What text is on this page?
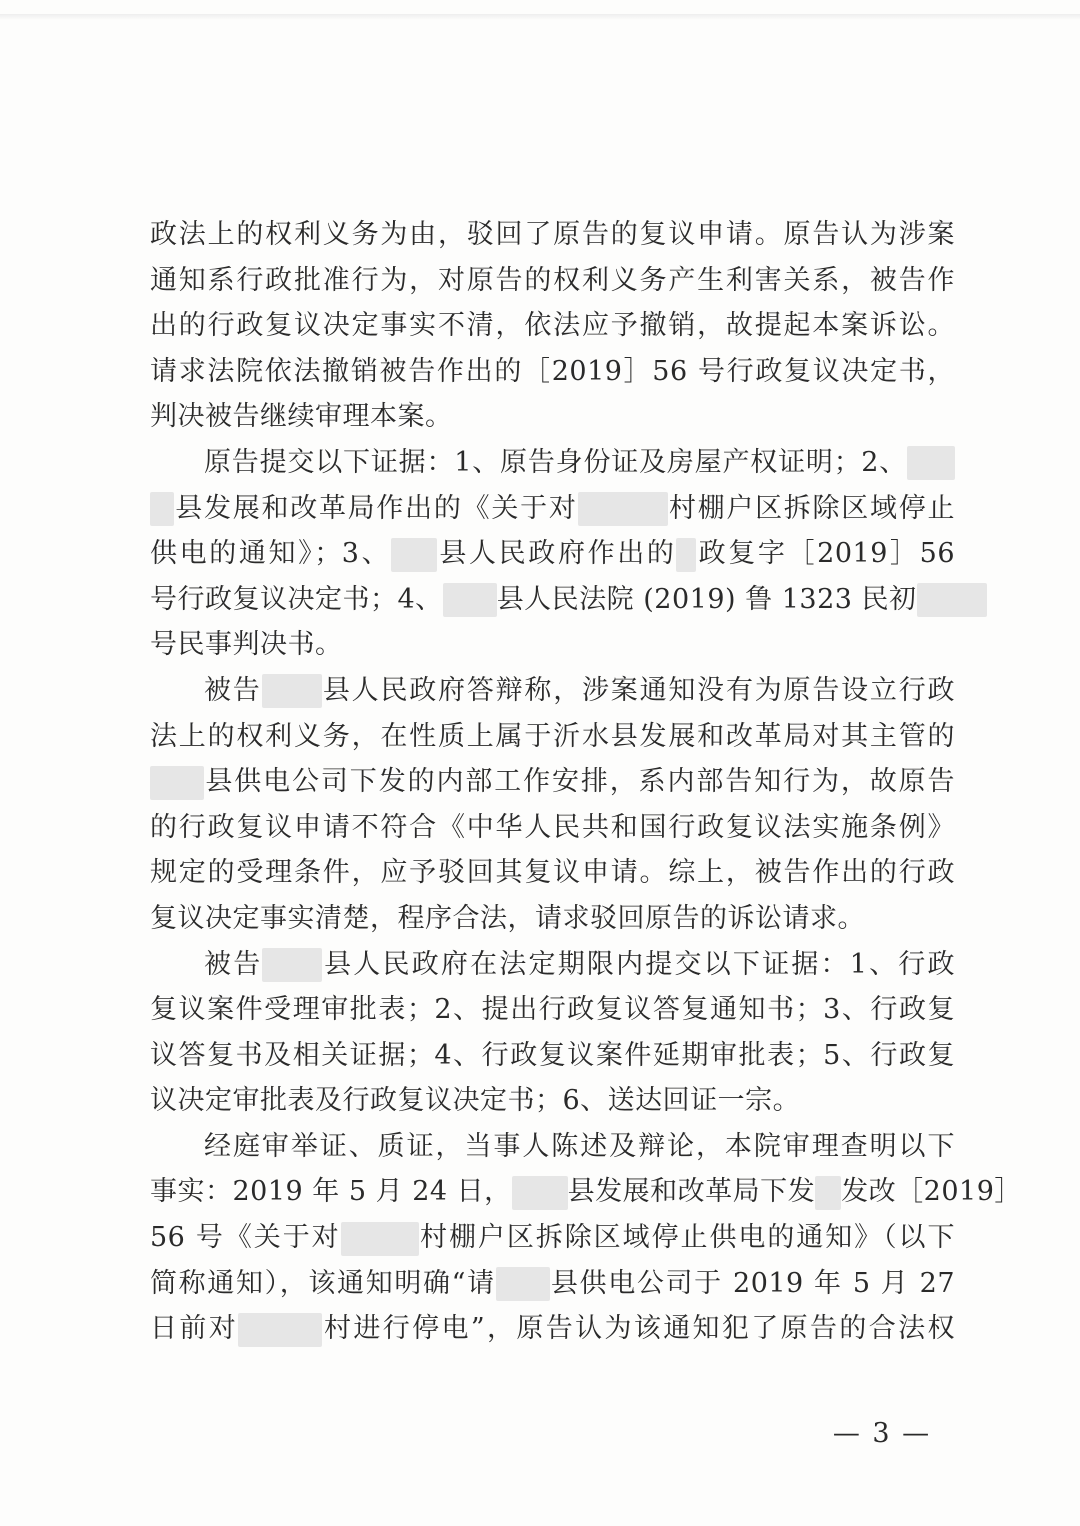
政法上的权利义务为由，驳回了原告的复议申请。原告认为涉案
通知系行政批准行为，对原告的权利义务产生利害关系，被告作
出的行政复议决定事实不清，依法应予撤销，故提起本案诉讼。
请求法院依法撤销被告作出的［2019］56 号行政复议决定书，
判决被告继续审理本案。
原告提交以下证据：1、原告身份证及房屋产权证明；2、
县发展和改革局作出的《关于对	村棚户区拆除区域停止
供电的通知》；3、 县人民政府作出的 政复字［2019］56
号行政复议决定书；4、 县人民法院 (2019) 鲁 1323 民初
号民事判决书。
被告 县人民政府答辩称，涉案通知没有为原告设立行政
法上的权利义务，在性质上属于沂水县发展和改革局对其主管的
县供电公司下发的内部工作安排，系内部告知行为，故原告
的行政复议申请不符合《中华人民共和国行政复议法实施条例》
规定的受理条件，应予驳回其复议申请。综上，被告作出的行政
复议决定事实清楚，程序合法，请求驳回原告的诉讼请求。
被告 县人民政府在法定期限内提交以下证据：1、行政
复议案件受理审批表；2、提出行政复议答复通知书；3、行政复
议答复书及相关证据；4、行政复议案件延期审批表；5、行政复
议决定审批表及行政复议决定书；6、送达回证一宗。
经庭审举证、质证，当事人陈述及辩论，本院审理查明以下
事实：2019 年 5 月 24 日， 县发展和改革局下发 发改［2019］
56 号《关于对	村棚户区拆除区域停止供电的通知》（以下
简称通知），该通知明确“请 县供电公司于 2019 年 5 月 27
日前对	村进行停电”，原告认为该通知犯了原告的合法权
— 3 —
